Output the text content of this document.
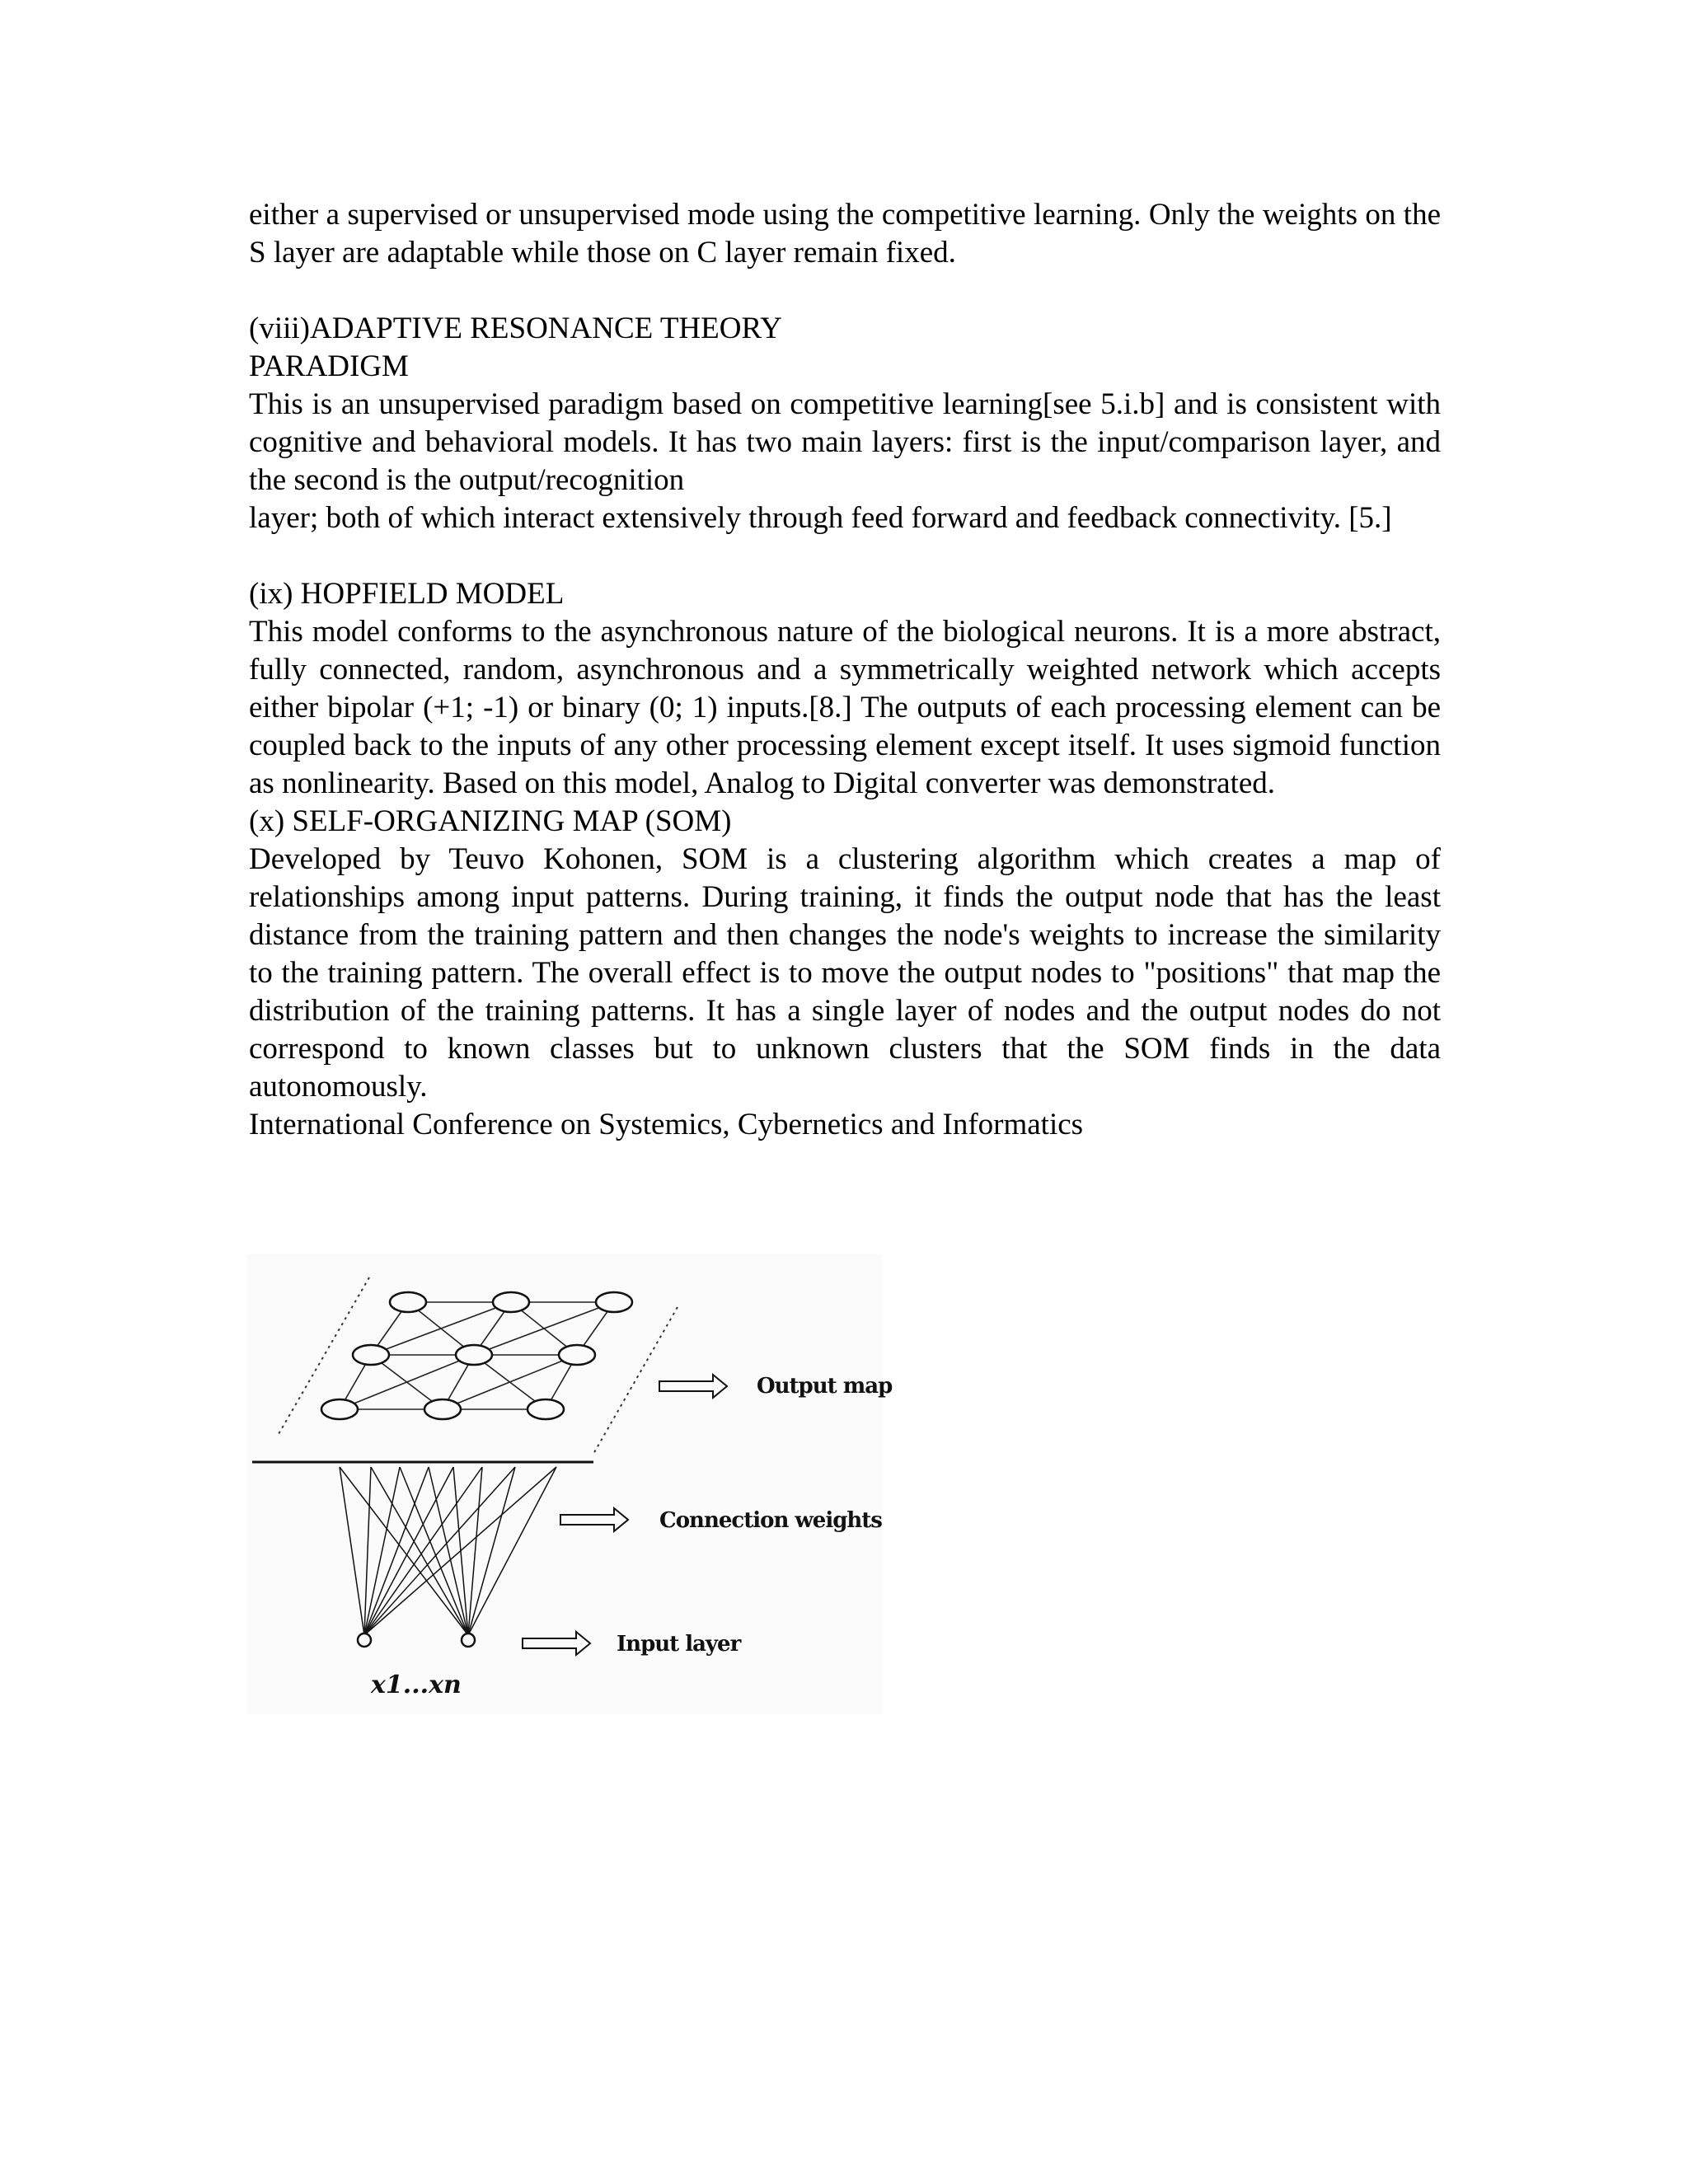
either a supervised or unsupervised mode using the competitive learning. Only the weights on the S layer are adaptable while those on C layer remain fixed.

(viii)ADAPTIVE RESONANCE THEORY
PARADIGM

This is an unsupervised paradigm based on competitive learning[see 5.i.b] and is consistent with cognitive and behavioral models. It has two main layers: first is the input/comparison layer, and the second is the output/recognition

layer; both of which interact extensively through feed forward and feedback connectivity. [5.]

(ix) HOPFIELD MODEL

This model conforms to the asynchronous nature of the biological neurons. It is a more abstract, fully connected, random, asynchronous and a symmetrically weighted network which accepts either bipolar (+1; -1) or binary (0; 1) inputs.[8.] The outputs of each processing element can be coupled back to the inputs of any other processing element except itself. It uses sigmoid function as nonlinearity. Based on this model, Analog to Digital converter was demonstrated.

(x) SELF-ORGANIZING MAP (SOM)

Developed by Teuvo Kohonen, SOM is a clustering algorithm which creates a map of relationships among input patterns. During training, it finds the output node that has the least distance from the training pattern and then changes the node's weights to increase the similarity to the training pattern. The overall effect is to move the output nodes to "positions" that map the distribution of the training patterns. It has a single layer of nodes and the output nodes do not correspond to known classes but to unknown clusters that the SOM finds in the data autonomously.

International Conference on Systemics, Cybernetics and Informatics
Output map
Connection weights
Input layer
x1...xn
